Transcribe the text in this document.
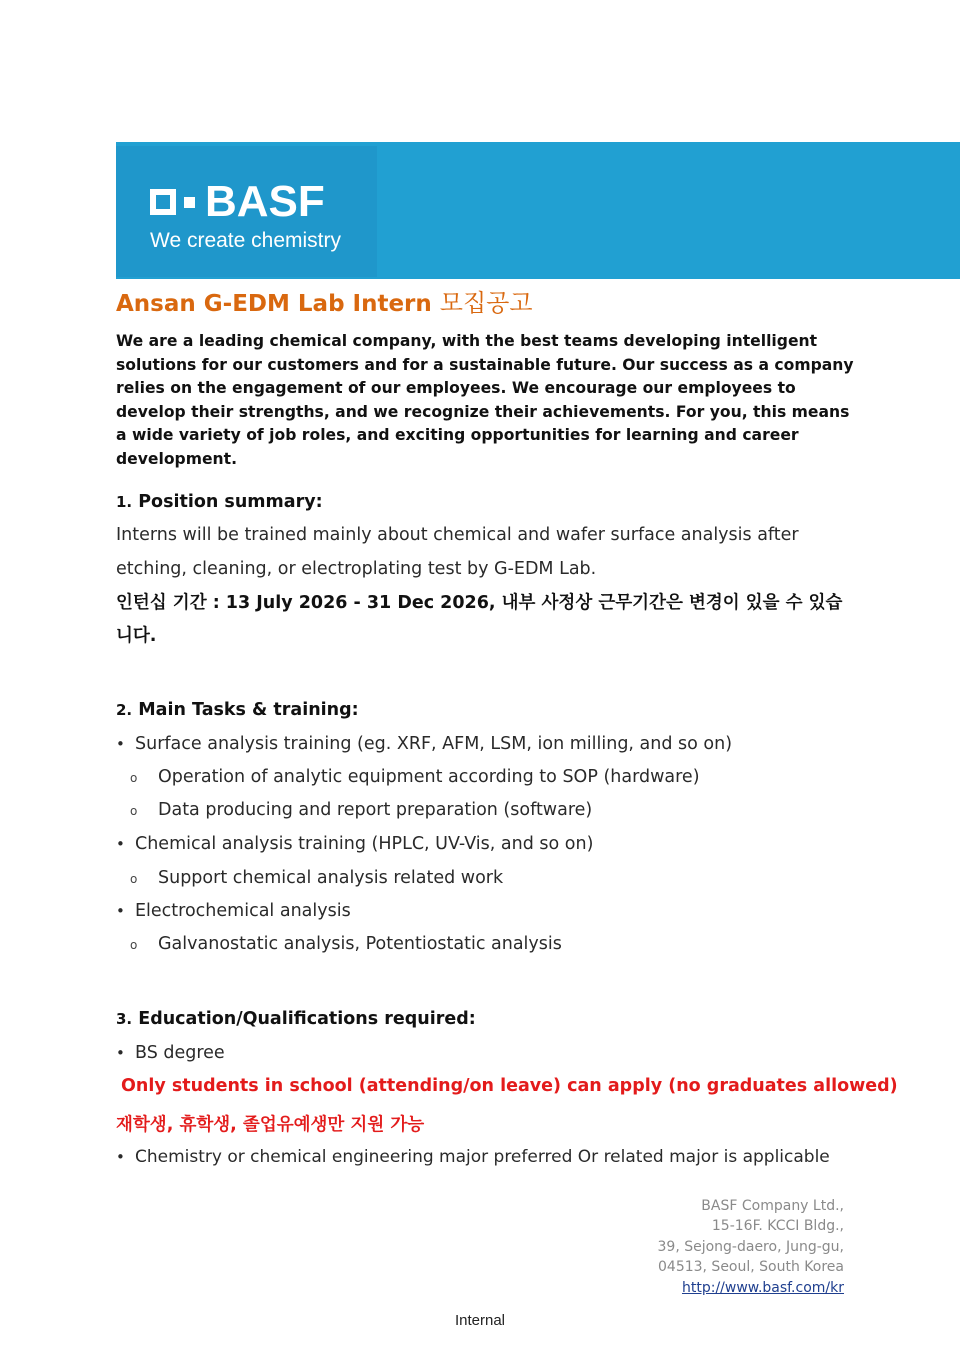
BASF
We create chemistry
Ansan G-EDM Lab Intern 모집공고
We are a leading chemical company, with the best teams developing intelligent solutions for our customers and for a sustainable future. Our success as a company relies on the engagement of our employees. We encourage our employees to develop their strengths, and we recognize their achievements. For you, this means a wide variety of job roles, and exciting opportunities for learning and career development.
1. Position summary:
Interns will be trained mainly about chemical and wafer surface analysis after
etching, cleaning, or electroplating test by G-EDM Lab.
인턴십 기간 : 13 July 2026 - 31 Dec 2026, 내부 사정상 근무기간은 변경이 있을 수 있습니다.
2. Main Tasks & training:
• Surface analysis training (eg. XRF, AFM, LSM, ion milling, and so on)
o Operation of analytic equipment according to SOP (hardware)
o Data producing and report preparation (software)
• Chemical analysis training (HPLC, UV-Vis, and so on)
o Support chemical analysis related work
• Electrochemical analysis
o Galvanostatic analysis, Potentiostatic analysis
3. Education/Qualifications required:
• BS degree
Only students in school (attending/on leave) can apply (no graduates allowed)
재학생, 휴학생, 졸업유예생만 지원 가능
• Chemistry or chemical engineering major preferred Or related major is applicable
BASF Company Ltd.,
15-16F. KCCI Bldg.,
39, Sejong-daero, Jung-gu,
04513, Seoul, South Korea
http://www.basf.com/kr
Internal
